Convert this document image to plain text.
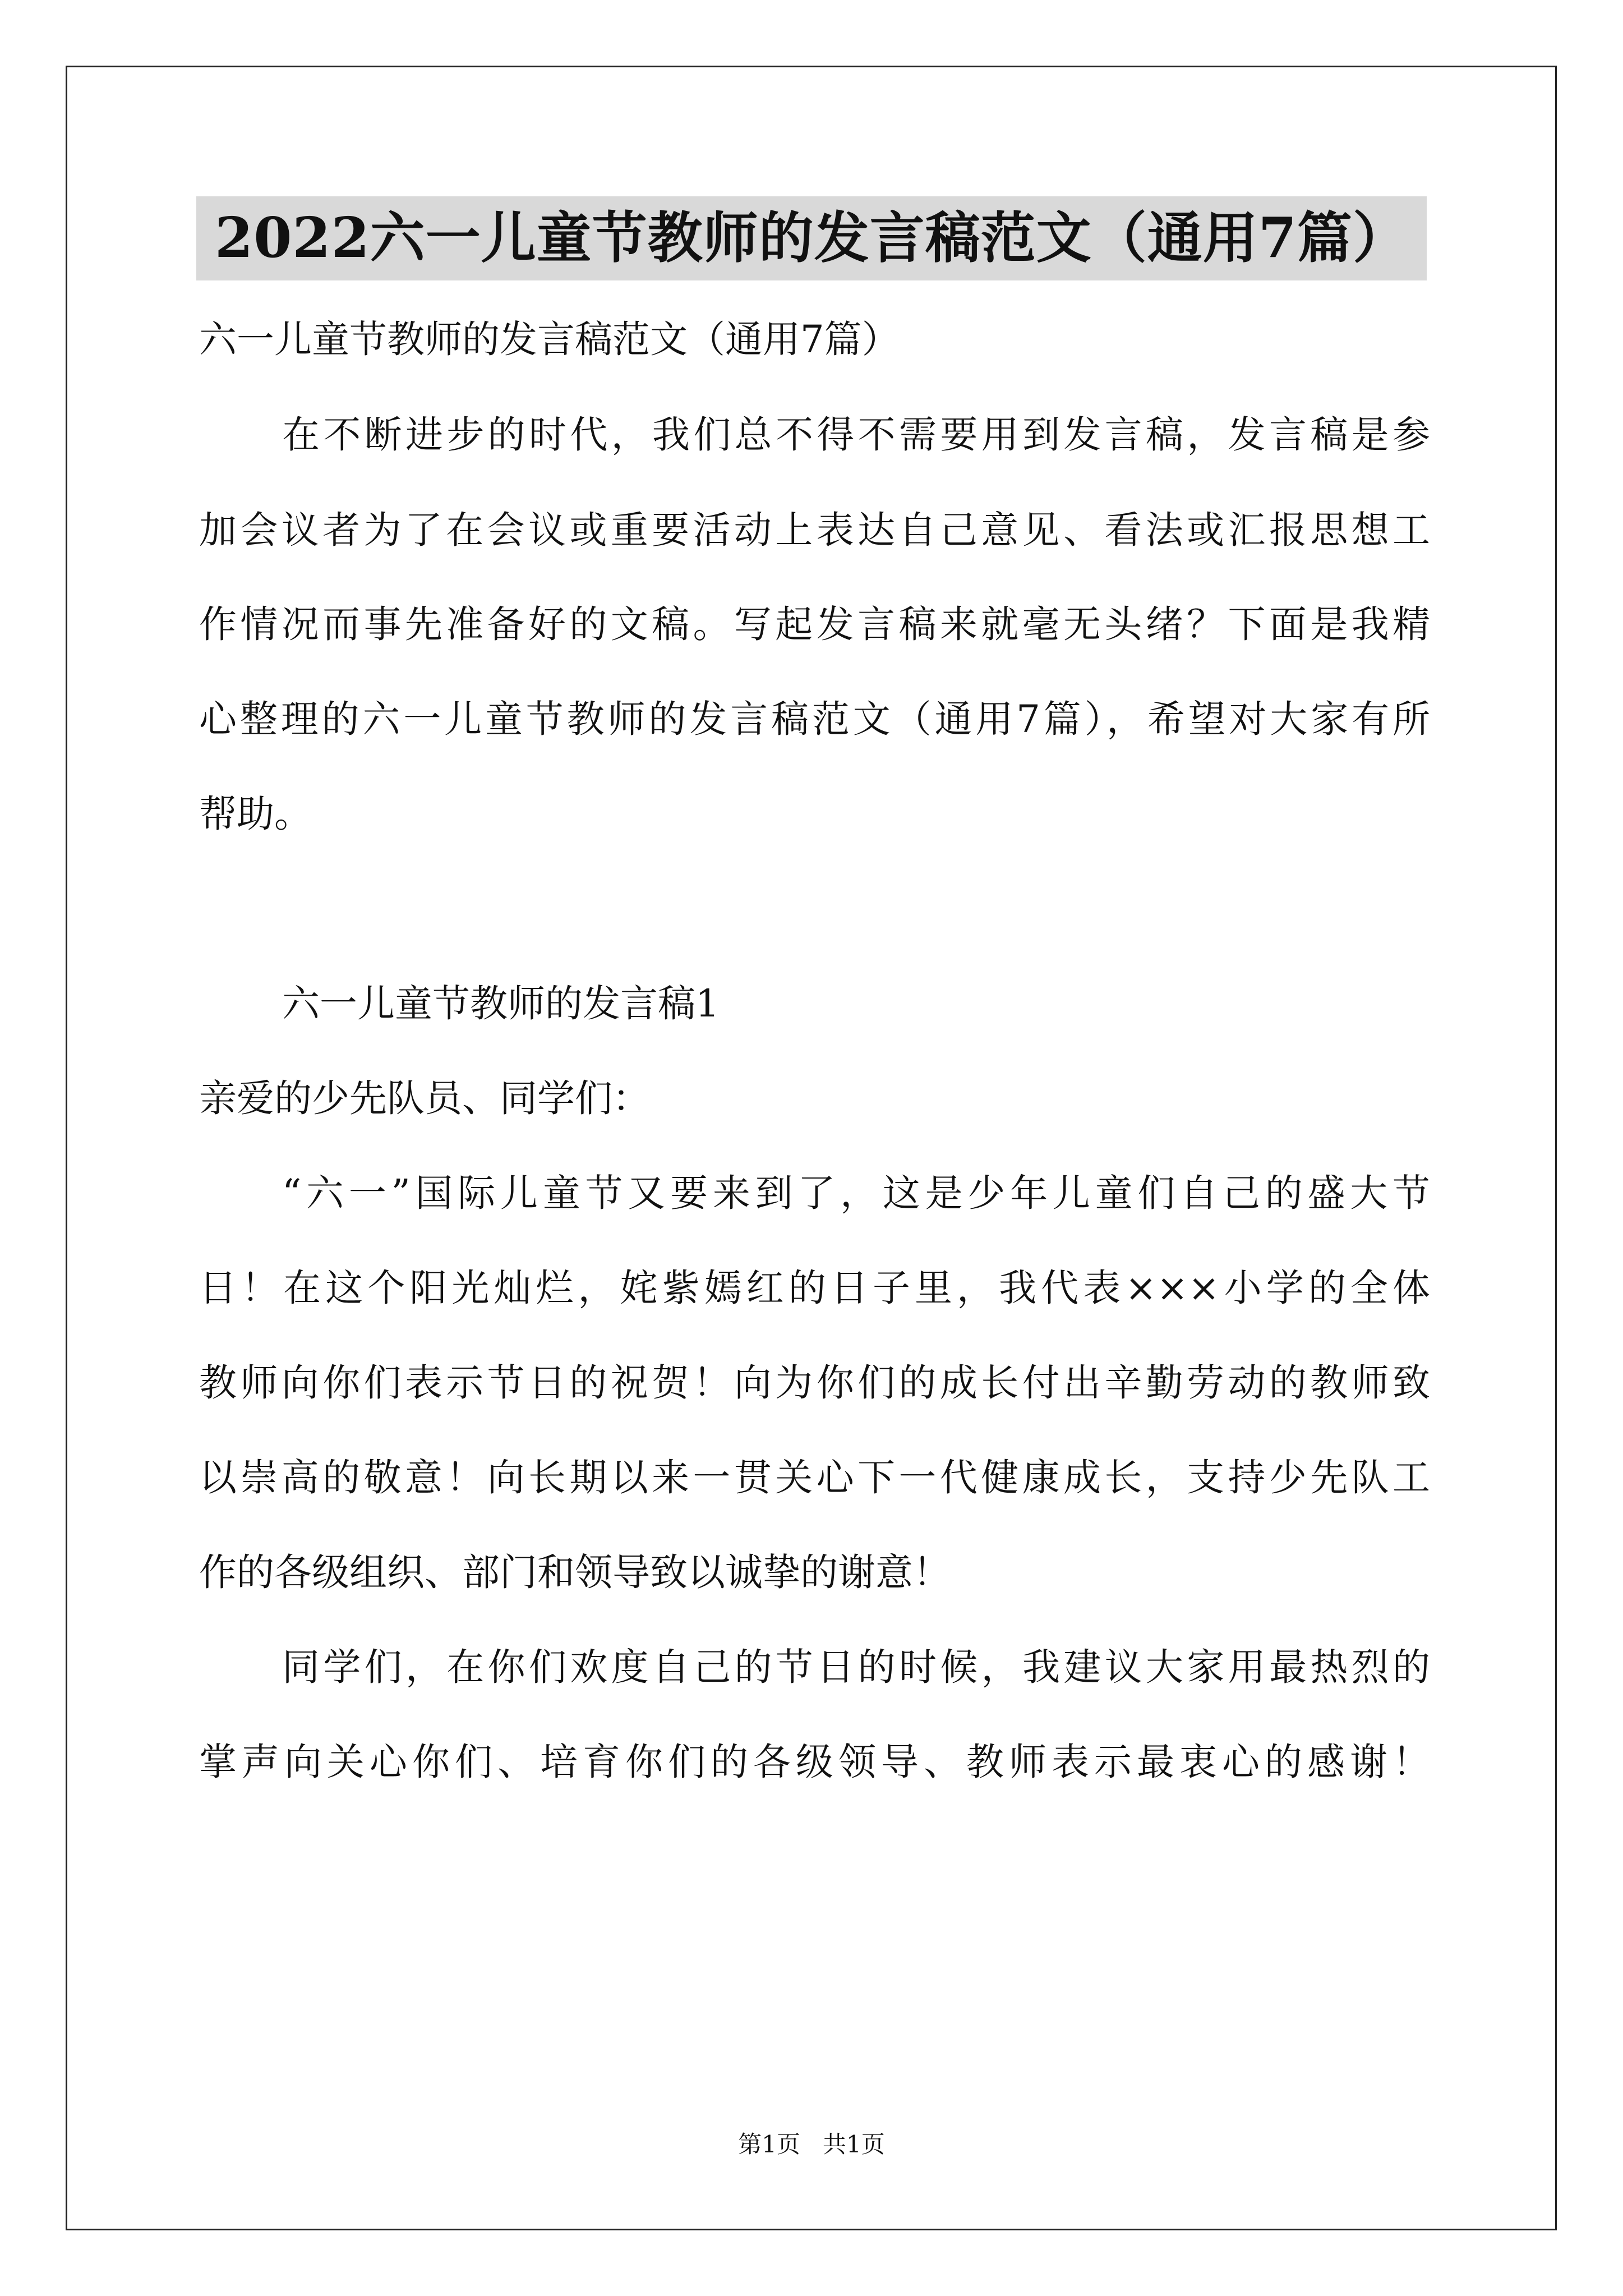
2022六一儿童节教师的发言稿范文（通用7篇）
六一儿童节教师的发言稿范文（通用7篇）
在不断进步的时代，我们总不得不需要用到发言稿，发言稿是参
加会议者为了在会议或重要活动上表达自己意见、看法或汇报思想工
作情况而事先准备好的文稿。写起发言稿来就毫无头绪？下面是我精
心整理的六一儿童节教师的发言稿范文（通用7篇），希望对大家有所
帮助。
六一儿童节教师的发言稿1
亲爱的少先队员、同学们：
“六一”国际儿童节又要来到了，这是少年儿童们自己的盛大节
日！在这个阳光灿烂，姹紫嫣红的日子里，我代表×××小学的全体
教师向你们表示节日的祝贺！向为你们的成长付出辛勤劳动的教师致
以崇高的敬意！向长期以来一贯关心下一代健康成长，支持少先队工
作的各级组织、部门和领导致以诚挚的谢意！
同学们，在你们欢度自己的节日的时候，我建议大家用最热烈的
掌声向关心你们、培育你们的各级领导、教师表示最衷心的感谢！
第1页   共1页
